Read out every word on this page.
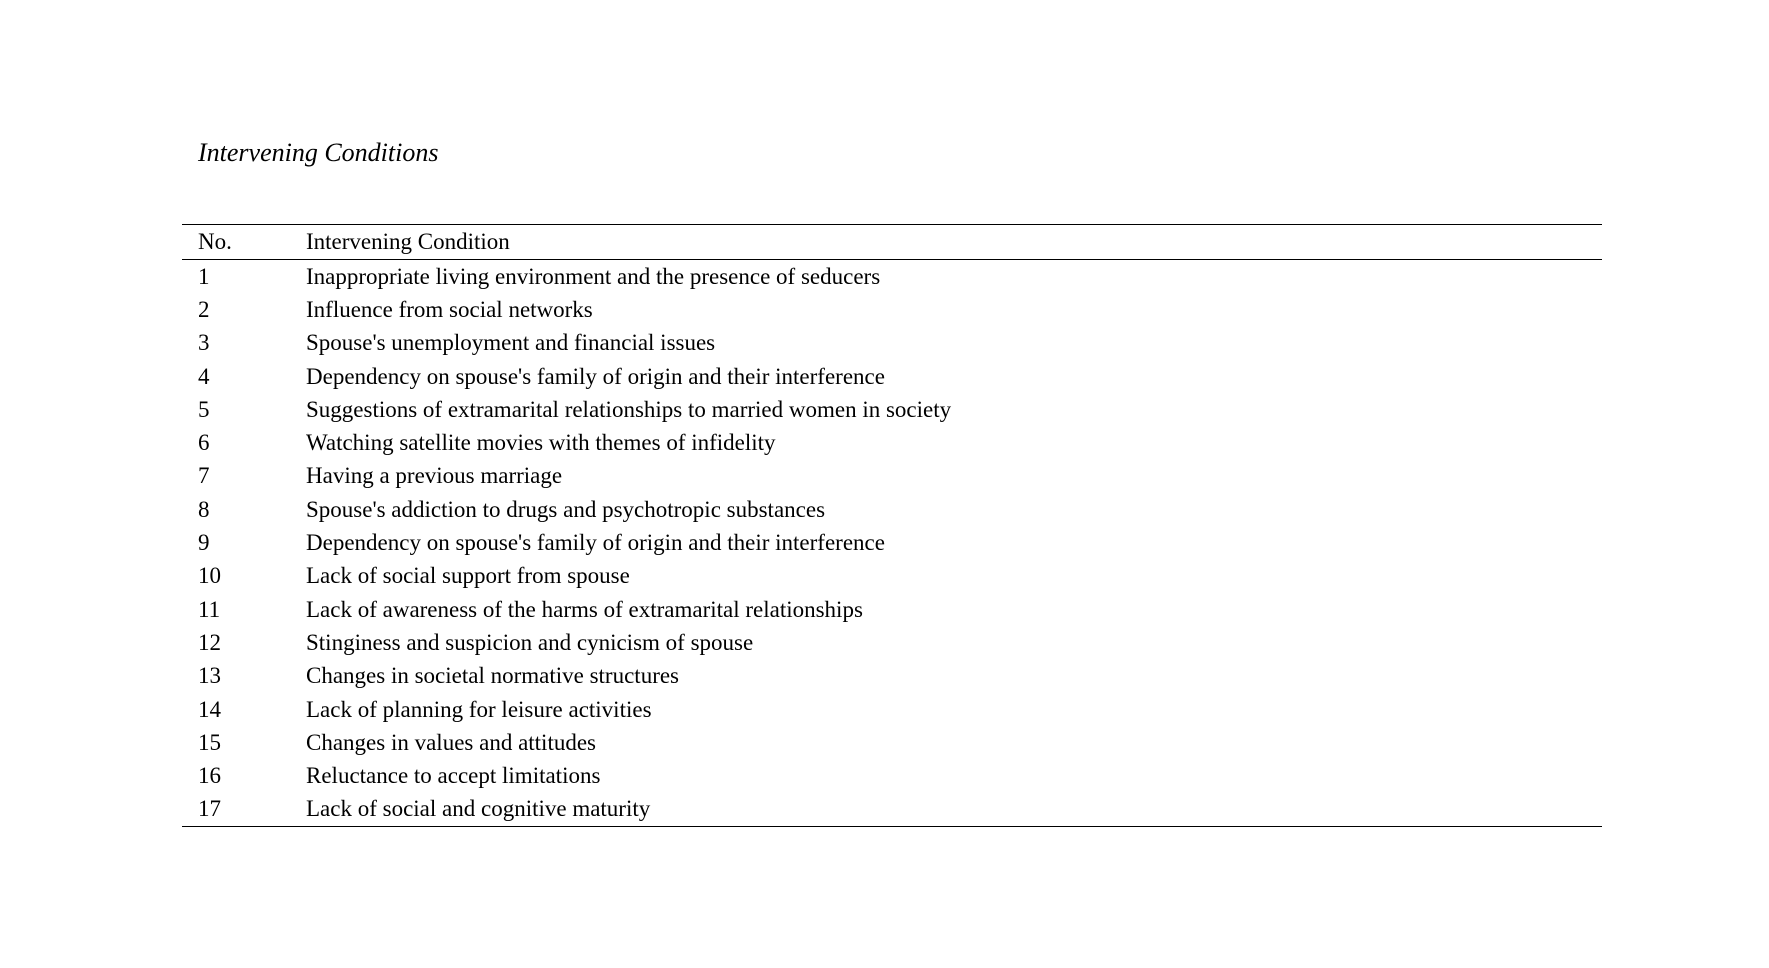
Intervening Conditions
No.	Intervening Condition
1	Inappropriate living environment and the presence of seducers
2	Influence from social networks
3	Spouse's unemployment and financial issues
4	Dependency on spouse's family of origin and their interference
5	Suggestions of extramarital relationships to married women in society
6	Watching satellite movies with themes of infidelity
7	Having a previous marriage
8	Spouse's addiction to drugs and psychotropic substances
9	Dependency on spouse's family of origin and their interference
10	Lack of social support from spouse
11	Lack of awareness of the harms of extramarital relationships
12	Stinginess and suspicion and cynicism of spouse
13	Changes in societal normative structures
14	Lack of planning for leisure activities
15	Changes in values and attitudes
16	Reluctance to accept limitations
17	Lack of social and cognitive maturity
